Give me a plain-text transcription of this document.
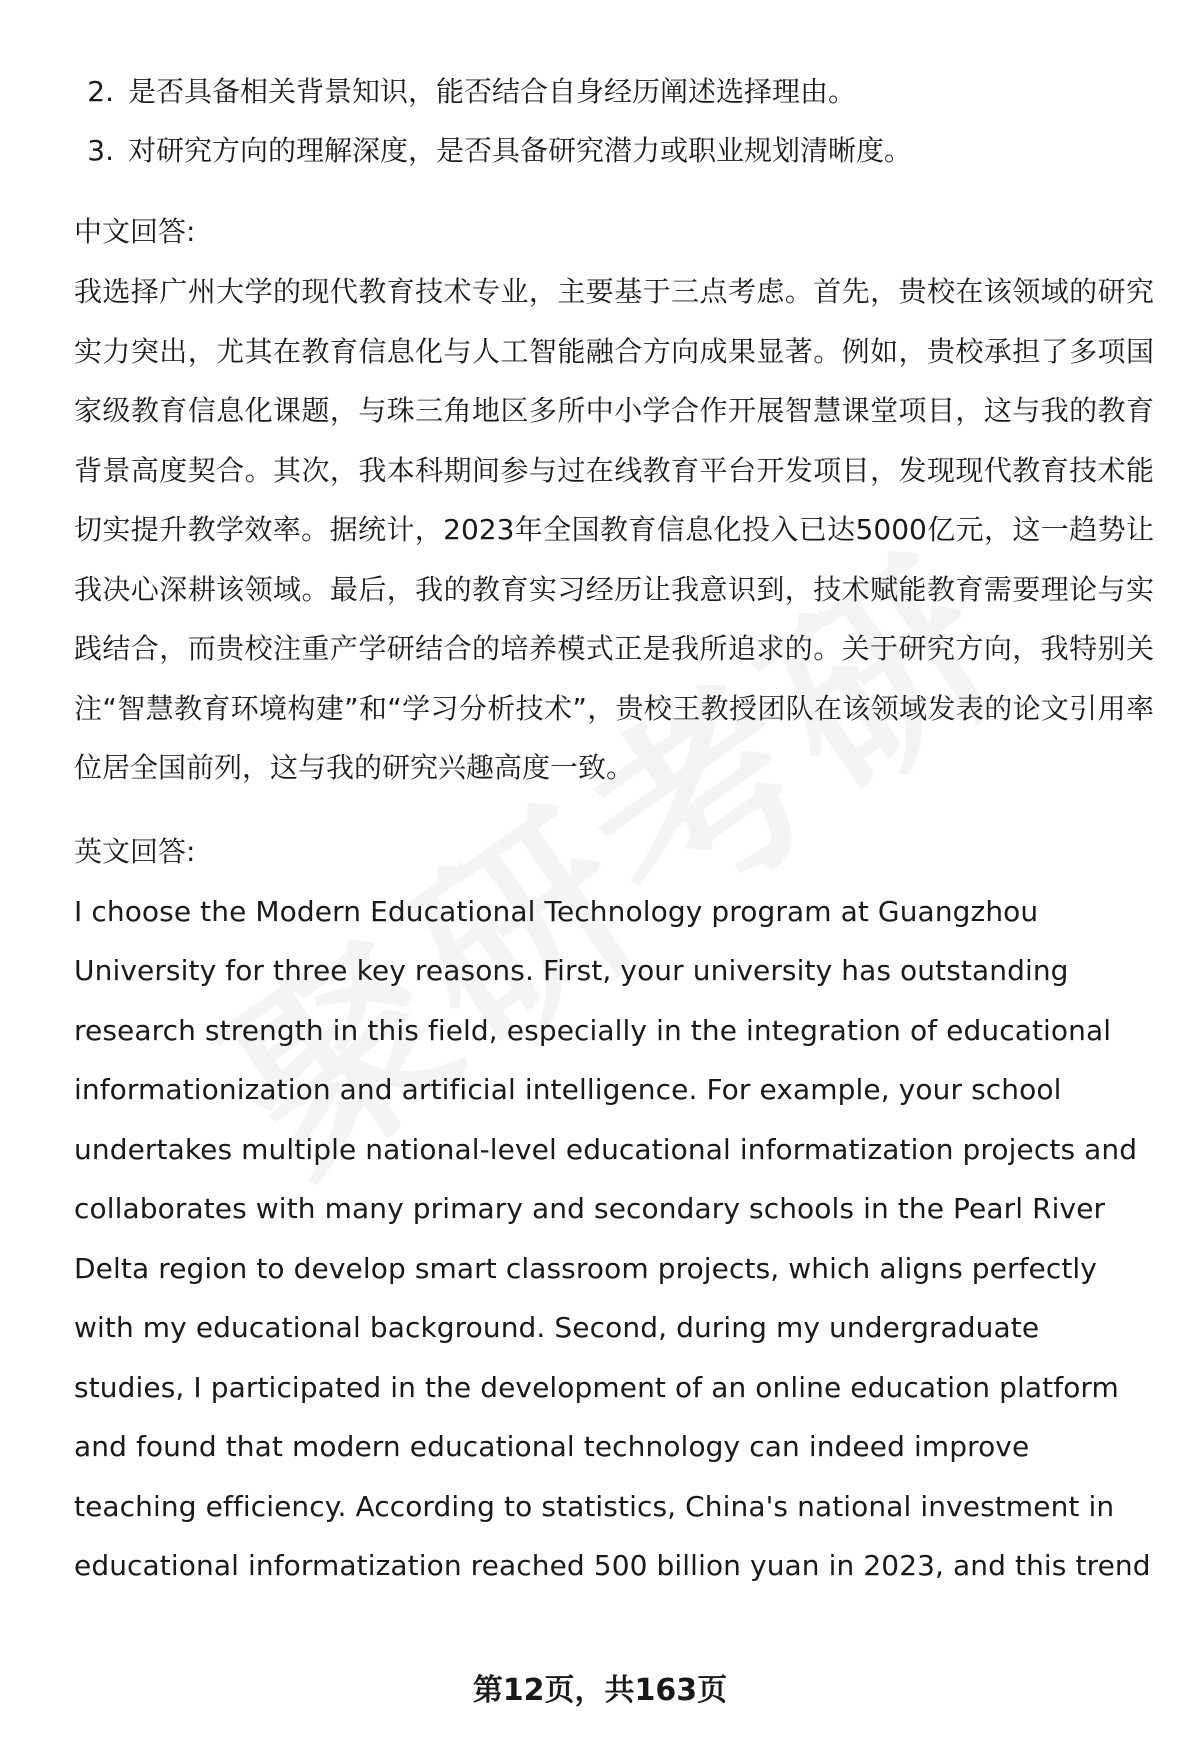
2. 是否具备相关背景知识，能否结合自身经历阐述选择理由。
3. 对研究方向的理解深度，是否具备研究潜力或职业规划清晰度。
中文回答:

我选择广州大学的现代教育技术专业，主要基于三点考虑。首先，贵校在该领域的研究实力突出，尤其在教育信息化与人工智能融合方向成果显著。例如，贵校承担了多项国家级教育信息化课题，与珠三角地区多所中小学合作开展智慧课堂项目，这与我的教育背景高度契合。其次，我本科期间参与过在线教育平台开发项目，发现现代教育技术能切实提升教学效率。据统计，2023年全国教育信息化投入已达5000亿元，这一趋势让我决心深耕该领域。最后，我的教育实习经历让我意识到，技术赋能教育需要理论与实践结合，而贵校注重产学研结合的培养模式正是我所追求的。关于研究方向，我特别关注“智慧教育环境构建”和“学习分析技术”，贵校王教授团队在该领域发表的论文引用率位居全国前列，这与我的研究兴趣高度一致。

英文回答:
I choose the Modern Educational Technology program at Guangzhou
University for three key reasons. First, your university has outstanding
research strength in this field, especially in the integration of educational
informationization and artificial intelligence. For example, your school
undertakes multiple national-level educational informatization projects and
collaborates with many primary and secondary schools in the Pearl River
Delta region to develop smart classroom projects, which aligns perfectly
with my educational background. Second, during my undergraduate
studies, I participated in the development of an online education platform
and found that modern educational technology can indeed improve
teaching efficiency. According to statistics, China's national investment in
educational informatization reached 500 billion yuan in 2023, and this trend
第12页，共163页
